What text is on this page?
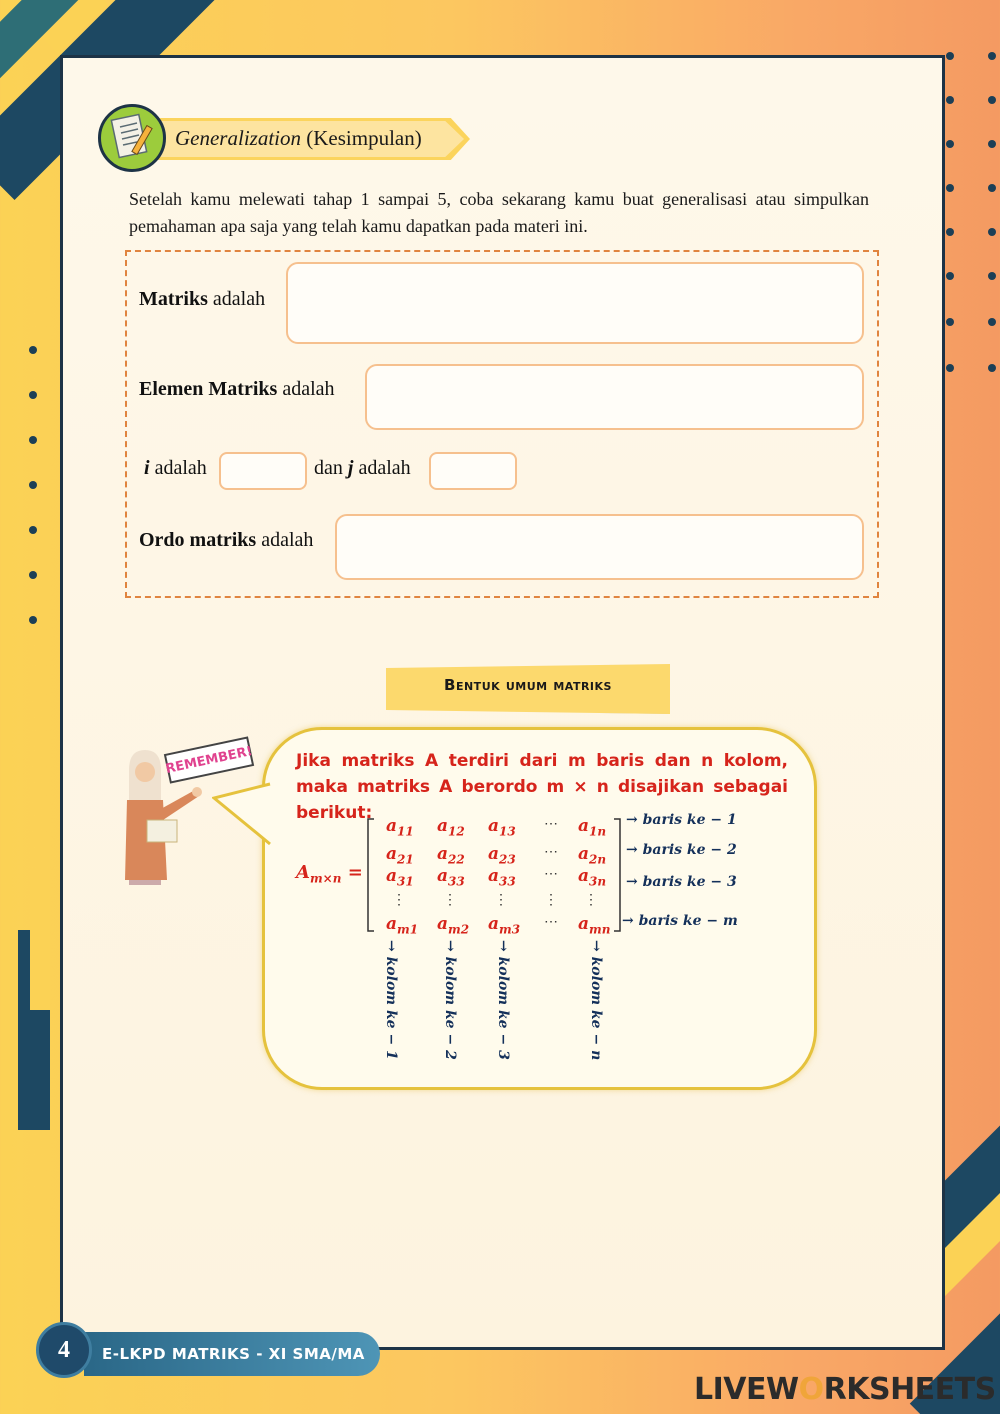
Generalization (Kesimpulan)

Setelah kamu melewati tahap 1 sampai 5, coba sekarang kamu buat generalisasi atau simpulkan pemahaman apa saja yang telah kamu dapatkan pada materi ini.

Matriks adalah
Elemen Matriks adalah
i adalah	dan j adalah
Ordo matriks adalah
Bentuk umum matriks
REMEMBER! Jika matriks A terdiri dari m baris dan n kolom, maka matriks A berordo m × n disajikan sebagai berikut:

$A_{m\times n}$ =
$a_{11}$ $a_{12}$ $a_{13}$ ⋯ $a_{1n}$
$a_{21}$ $a_{22}$ $a_{23}$ ⋯ $a_{2n}$
$a_{31}$ $a_{33}$ $a_{33}$ ⋯ $a_{3n}$
⋮	⋮	⋮	⋮ ⋮
$a_{m1}$ $a_{m2}$ $a_{m3}$ ⋯ $a_{mn}$
→ baris ke − 1
→ baris ke − 2
→ baris ke − 3
→ baris ke − m
→ kolom ke − 1	→ kolom ke − 2	→ kolom ke − 3	→ kolom ke − n
E-LKPD MATRIKS - XI SMA/MA
4
LIVEWORKSHEETS
